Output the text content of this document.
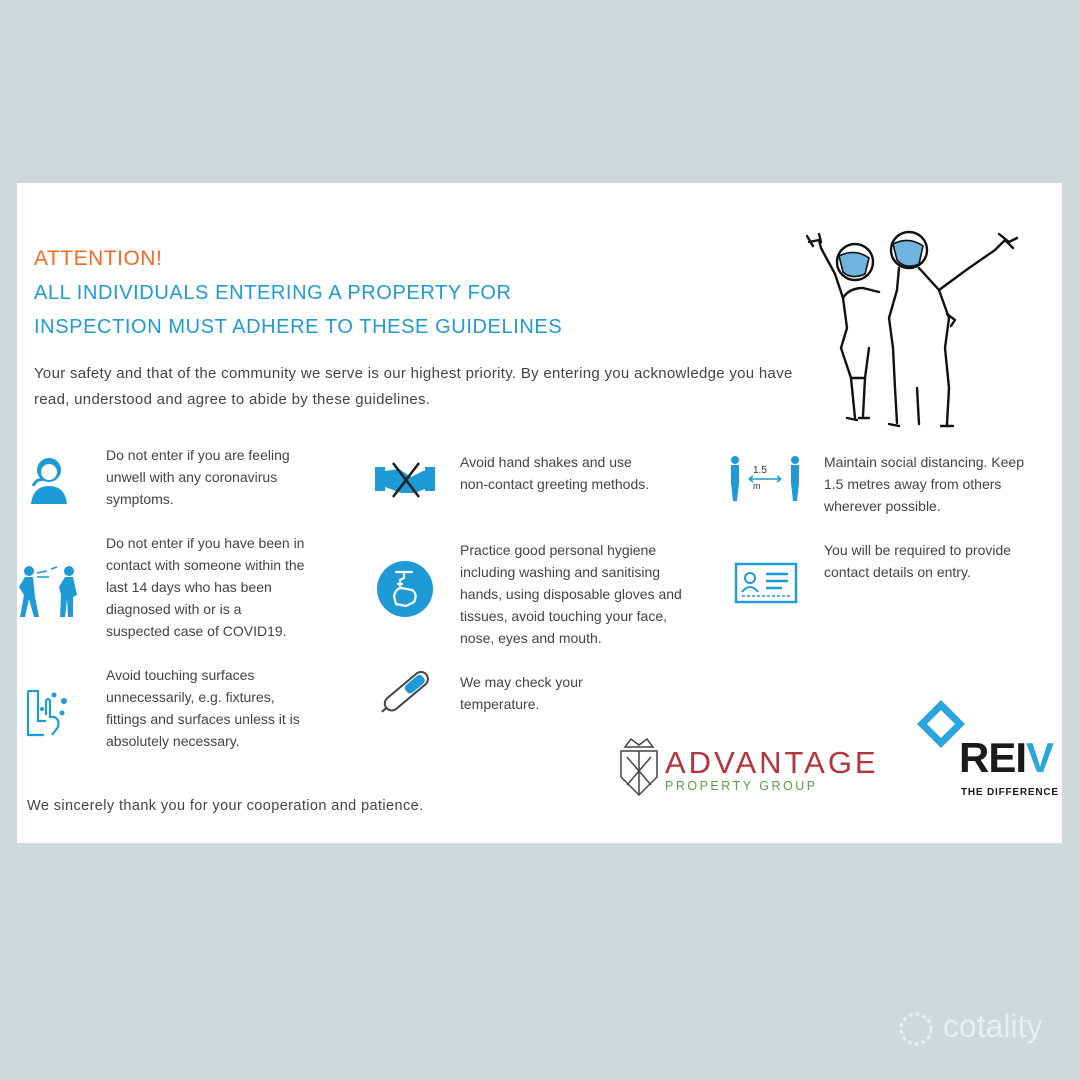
ATTENTION!
ALL INDIVIDUALS ENTERING A PROPERTY FOR
INSPECTION MUST ADHERE TO THESE GUIDELINES
Your safety and that of the community we serve is our highest priority. By entering you acknowledge you have read, understood and agree to abide by these guidelines.
Do not enter if you are feeling unwell with any coronavirus symptoms.
Do not enter if you have been in contact with someone within the last 14 days who has been diagnosed with or is a suspected case of COVID19.
Avoid touching surfaces unnecessarily, e.g. fixtures, fittings and surfaces unless it is absolutely necessary.
Avoid hand shakes and use non-contact greeting methods.
Practice good personal hygiene including washing and sanitising hands, using disposable gloves and tissues, avoid touching your face, nose, eyes and mouth.
We may check your temperature.
1.5
m
Maintain social distancing. Keep 1.5 metres away from others wherever possible.
You will be required to provide contact details on entry.
We sincerely thank you for your cooperation and patience.
ADVANTAGE
PROPERTY GROUP
REIV
THE DIFFERENCE
cotality
